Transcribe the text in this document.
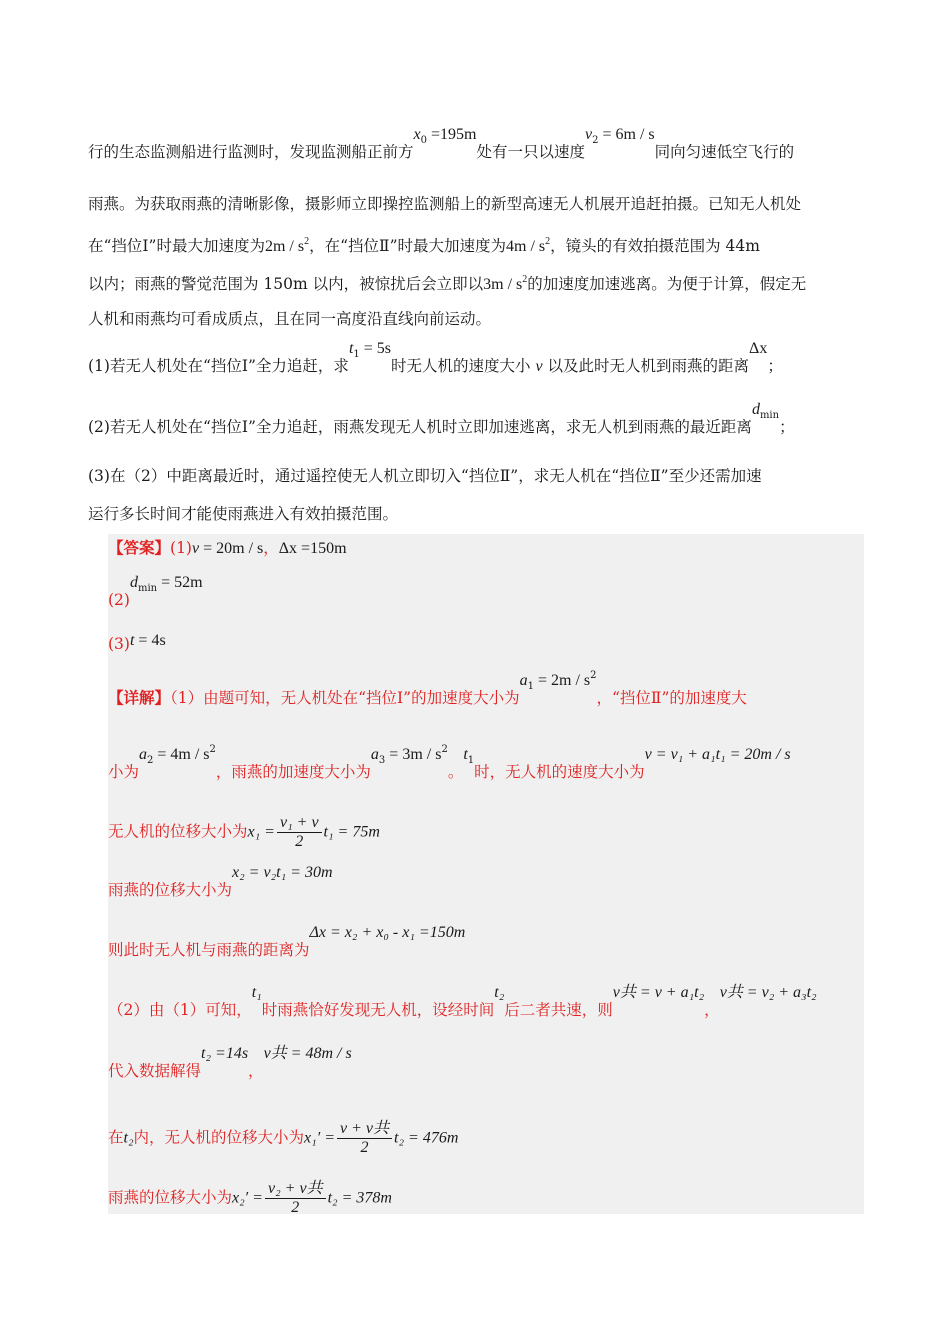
行的生态监测船进行监测时，发现监测船正前方$x_0 =195m$处有一只以速度$v_2 = 6m / s$同向匀速低空飞行的
雨燕。为获取雨燕的清晰影像，摄影师立即操控监测船上的新型高速无人机展开追赶拍摄。已知无人机处
在“挡位Ⅰ”时最大加速度为$2m / s^2$，在“挡位Ⅱ”时最大加速度为$4m / s^2$，镜头的有效拍摄范围为 44m
以内；雨燕的警觉范围为 150m 以内，被惊扰后会立即以$3m / s^2$的加速度加速逃离。为便于计算，假定无
人机和雨燕均可看成质点，且在同一高度沿直线向前运动。
(1)若无人机处在“挡位Ⅰ”全力追赶，求$t_1 = 5s$时无人机的速度大小 v 以及此时无人机到雨燕的距离Δx；
(2)若无人机处在“挡位Ⅰ”全力追赶，雨燕发现无人机时立即加速逃离，求无人机到雨燕的最近距离$d_{min}$；
(3)在（2）中距离最近时，通过遥控使无人机立即切入“挡位Ⅱ”，求无人机在“挡位Ⅱ”至少还需加速
运行多长时间才能使雨燕进入有效拍摄范围。
【答案】(1)v = 20m / s，Δx =150m
$(2)d_{min} = 52m$
(3)t = 4s
【详解】（1）由题可知，无人机处在“挡位Ⅰ”的加速度大小为$a_1 = 2m / s^2$，“挡位Ⅱ”的加速度大
小为$a_2 = 4m / s^2$，雨燕的加速度大小为$a_3 = 3m / s^2$。$t_1$时，无人机的速度大小为v = v₁ + a₁t₁ = 20m / s
无人机的位移大小为$x_1 = \frac{\text{v₁ + v}}{2} t_1 = 75m$
雨燕的位移大小为x₂ = v₂t₁ = 30m
则此时无人机与雨燕的距离为Δx = x₂ + x₀ - x₁ =150m
（2）由（1）可知，t₁时雨燕恰好发现无人机，设经时间t₂后二者共速，则v共 = v + a₁t₂，v共 = v₂ + a₃t₂
代入数据解得t₂ =14s，v共 = 48m / s
在t₂内，无人机的位移大小为$x_1' = \frac{\text{v + v共}}{2} t_2 = 476m$
雨燕的位移大小为$x_2' = \frac{\text{v₂ + v共}}{2} t_2 = 378m$
